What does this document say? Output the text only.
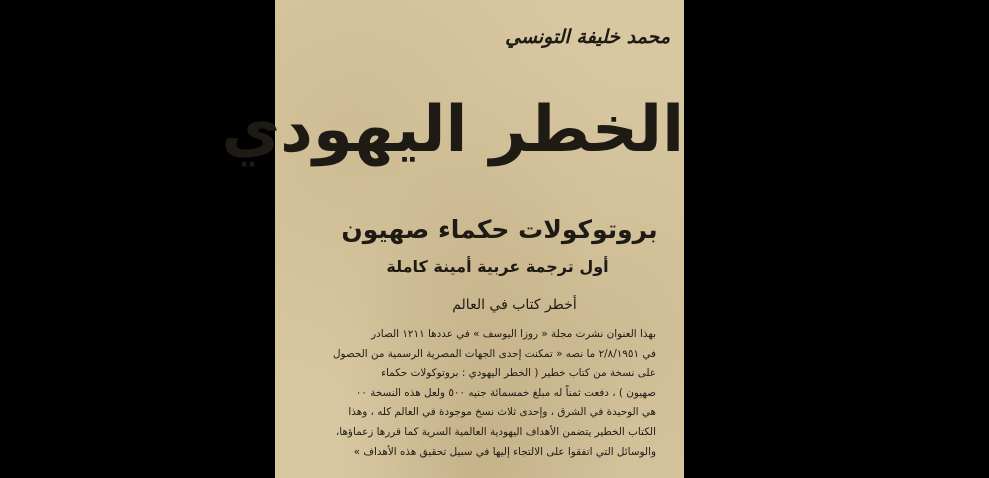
محمد خليفة التونسي
الخطر اليهودي
بروتوكولات حكماء صهيون
أول ترجمة عربية أمينة كاملة
أخطر كتاب في العالم
بهذا العنوان نشرت مجلة « روزا اليوسف » في عددها ١٢١١ الصادر
في ٢/٨/١٩٥١ ما نصه « تمكنت إحدى الجهات المصرية الرسمية من الحصول
على نسخة من كتاب خطير ( الخطر اليهودي : بروتوكولات حكماء
صهيون ) ، دفعت ثمناً له مبلغ خمسمائة جنيه ٥٠٠ ولعل هذه النسخة ٠٠
هي الوحيدة في الشرق ، وإحدى ثلاث نسخ موجودة في العالم كله ، وهذا
الكتاب الخطير يتضمن الأهداف اليهودية العالمية السرية كما قررها زعماؤها،
والوسائل التي اتفقوا على الالتجاء إليها في سبيل تحقيق هذه الأهداف »
